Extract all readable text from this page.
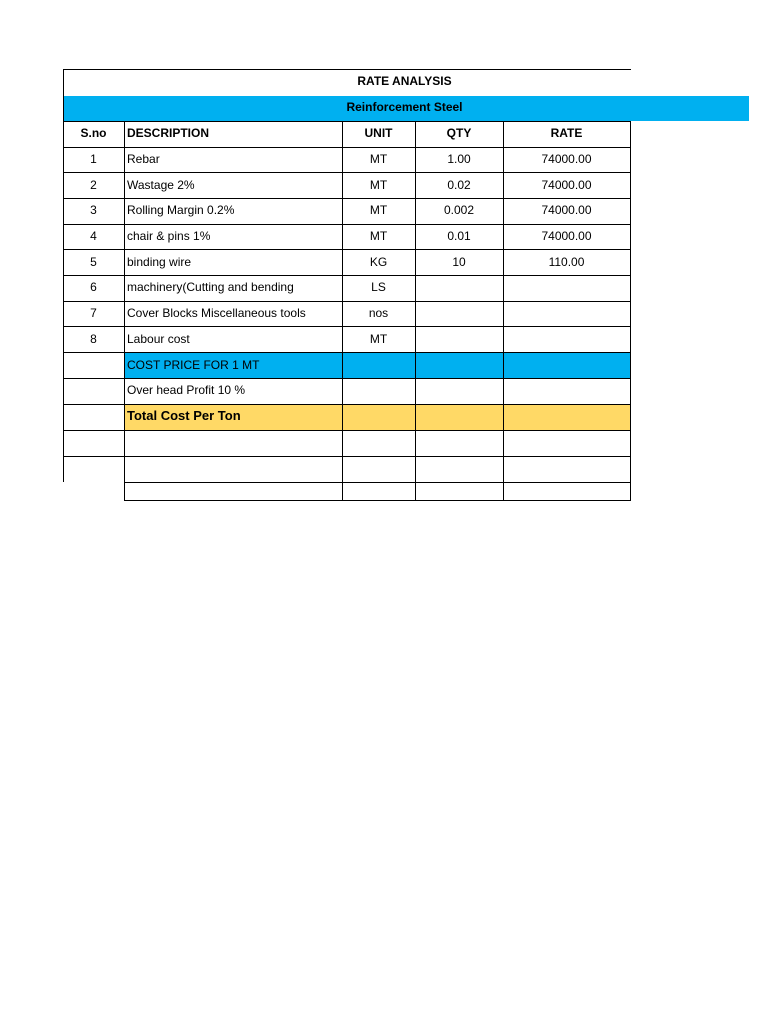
RATE ANALYSIS
Reinforcement Steel
S.no	DESCRIPTION	UNIT	QTY	RATE
1	Rebar	MT	1.00	74000.00
2	Wastage 2%	MT	0.02	74000.00
3	Rolling Margin 0.2%	MT	0.002	74000.00
4	chair & pins 1%	MT	0.01	74000.00
5	binding wire	KG	10	110.00
6	machinery(Cutting and bending	LS
7	Cover Blocks Miscellaneous tools	nos
8	Labour cost	MT
COST PRICE FOR 1 MT
Over head Profit 10 %
Total Cost Per Ton
